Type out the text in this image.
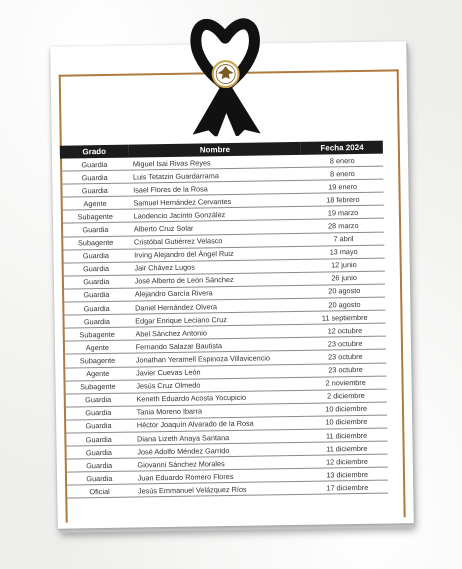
Grado	Nombre	Fecha 2024
Guardia	Miguel Isai Rivas Reyes	8 enero
Guardia	Luis Tetatzin Guardarrama	8 enero
Guardia	Isael Flores de la Rosa	19 enero
Agente	Samuel Hernández Cervantes	18 febrero
Subagente	Laodencio Jacinto González	19 marzo
Guardia	Alberto Cruz Solar	28 marzo
Subagente	Cristóbal Gutiérrez Velasco	7 abril
Guardia	Irving Alejandro del Ángel Ruiz	13 mayo
Guardia	Jair Chávez Lugos	12 junio
Guardia	José Alberto de León Sánchez	26 junio
Guardia	Alejandro García Rivera	20 agosto
Guardia	Daniel Hernández Olvera	20 agosto
Guardia	Edgar Enrique Leciano Cruz	11 septiembre
Subagente	Abel Sánchez Antonio	12 octubre
Agente	Fernando Salazar Bautista	23 octubre
Subagente	Jonathan Yeramell Espinoza Villavicencio	23 octubre
Agente	Javier Cuevas León	23 octubre
Subagente	Jesús Cruz Olmedo	2 noviembre
Guardia	Keneth Eduardo Acosta Yocupicio	2 diciembre
Guardia	Tania Moreno Ibarra	10 diciembre
Guardia	Héctor Joaquín Alvarado de la Rosa	10 diciembre
Guardia	Diana Lizeth Anaya Santana	11 diciembre
Guardia	José Adolfo Méndez Garrido	11 diciembre
Guardia	Giovanni Sánchez Morales	12 diciembre
Guardia	Juan Eduardo Romero Flores	13 diciembre
Oficial	Jesús Emmanuel Velázquez Ríos	17 diciembre
